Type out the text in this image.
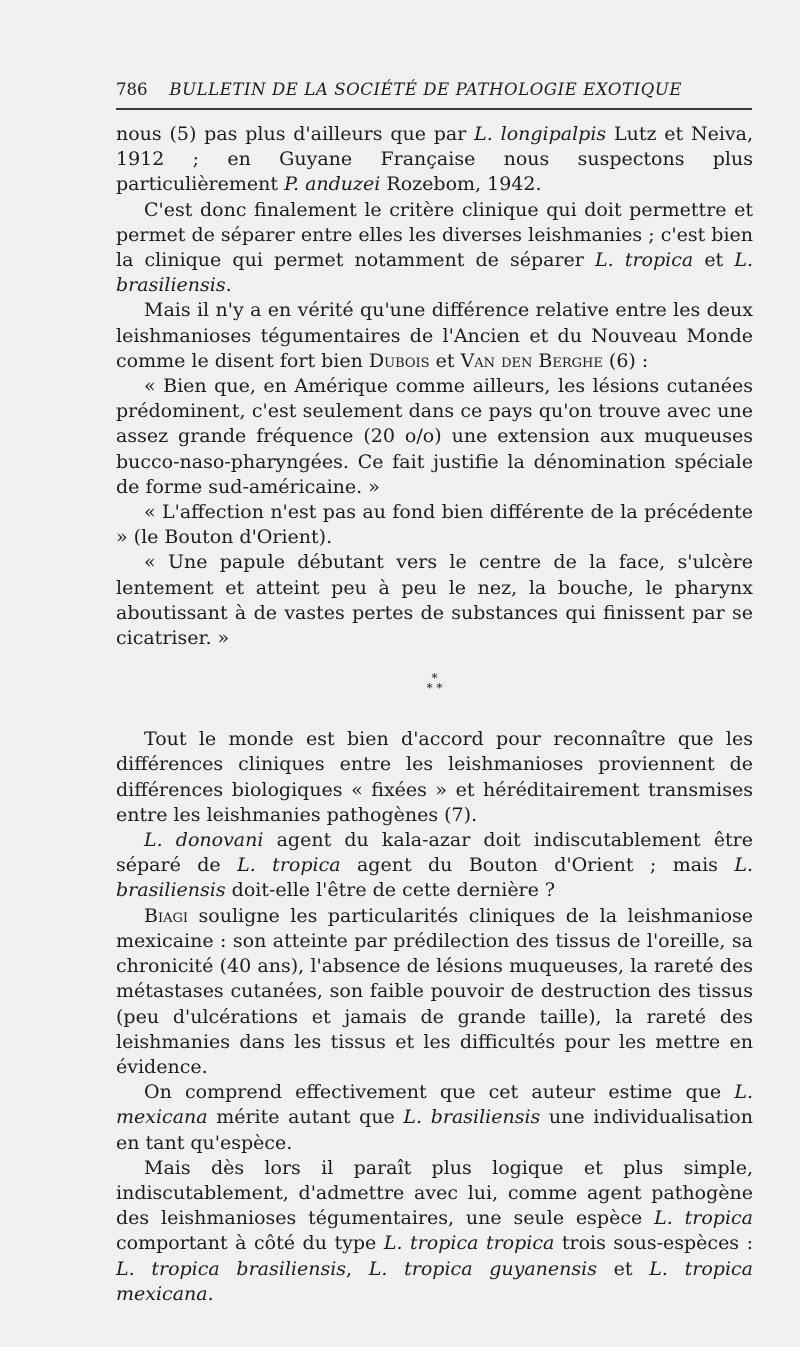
786 BULLETIN DE LA SOCIÉTÉ DE PATHOLOGIE EXOTIQUE

nous (5) pas plus d'ailleurs que par L. longipalpis Lutz et Neiva, 1912 ; en Guyane Française nous suspectons plus particulièrement P. anduzei Rozebom, 1942.

C'est donc finalement le critère clinique qui doit permettre et permet de séparer entre elles les diverses leishmanies ; c'est bien la clinique qui permet notamment de séparer L. tropica et L. brasiliensis.

Mais il n'y a en vérité qu'une différence relative entre les deux leishmanioses tégumentaires de l'Ancien et du Nouveau Monde comme le disent fort bien Dubois et Van den Berghe (6) :

« Bien que, en Amérique comme ailleurs, les lésions cutanées prédominent, c'est seulement dans ce pays qu'on trouve avec une assez grande fréquence (20 o/o) une extension aux muqueuses bucco-naso-pharyngées. Ce fait justifie la dénomination spéciale de forme sud-américaine. »

« L'affection n'est pas au fond bien différente de la précédente » (le Bouton d'Orient).

« Une papule débutant vers le centre de la face, s'ulcère lentement et atteint peu à peu le nez, la bouche, le pharynx aboutissant à de vastes pertes de substances qui finissent par se cicatriser. »

*
* *

Tout le monde est bien d'accord pour reconnaître que les différences cliniques entre les leishmanioses proviennent de différences biologiques « fixées » et héréditairement transmises entre les leishmanies pathogènes (7).

L. donovani agent du kala-azar doit indiscutablement être séparé de L. tropica agent du Bouton d'Orient ; mais L. brasiliensis doit-elle l'être de cette dernière ?

Biagi souligne les particularités cliniques de la leishmaniose mexicaine : son atteinte par prédilection des tissus de l'oreille, sa chronicité (40 ans), l'absence de lésions muqueuses, la rareté des métastases cutanées, son faible pouvoir de destruction des tissus (peu d'ulcérations et jamais de grande taille), la rareté des leishmanies dans les tissus et les difficultés pour les mettre en évidence.

On comprend effectivement que cet auteur estime que L. mexicana mérite autant que L. brasiliensis une individualisation en tant qu'espèce.

Mais dès lors il paraît plus logique et plus simple, indiscutablement, d'admettre avec lui, comme agent pathogène des leishmanioses tégumentaires, une seule espèce L. tropica comportant à côté du type L. tropica tropica trois sous-espèces : L. tropica brasiliensis, L. tropica guyanensis et L. tropica mexicana.
